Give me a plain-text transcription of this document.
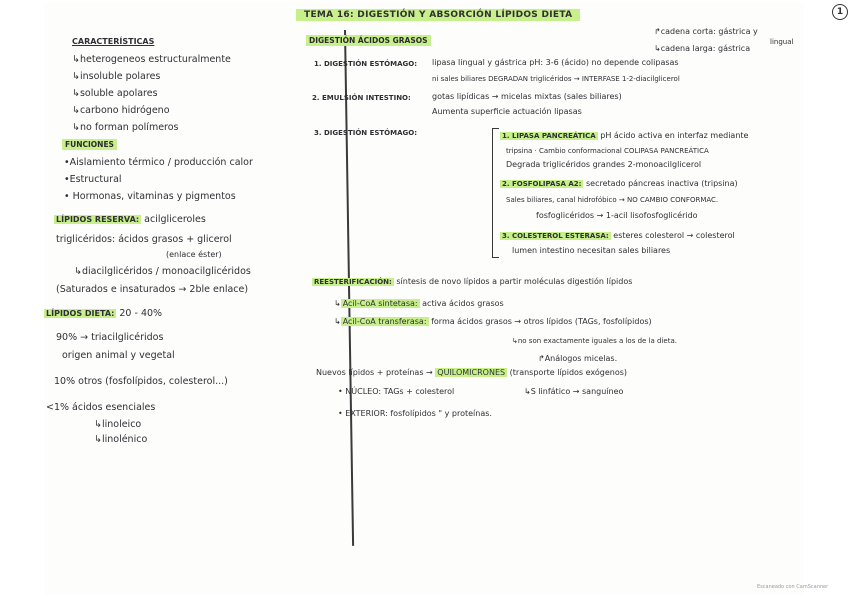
TEMA 16: DIGESTIÓN Y ABSORCIÓN LÍPIDOS DIETA	1
CARACTERÍSTICAS
↳heterogeneos estructuralmente
↳insoluble polares
↳soluble apolares
↳carbono hidrógeno
↳no forman polímeros
FUNCIONES
•Aislamiento térmico / producción calor
•Estructural
• Hormonas, vitaminas y pigmentos
LÍPIDOS RESERVA: acilgliceroles
triglicéridos: ácidos grasos + glicerol
(enlace éster)
↳diacilglicéridos / monoacilglicéridos
(Saturados e insaturados → 2ble enlace)
LÍPIDOS DIETA: 20 - 40%
90% → triacilglicéridos
origen animal y vegetal
10% otros (fosfolípidos, colesterol...)
<1% ácidos esenciales
↳linoleico
↳linolénico
DIGESTIÓN ÁCIDOS GRASOS
↱cadena corta: gástrica y
lingual
↳cadena larga: gástrica
1. DIGESTIÓN ESTÓMAGO: lipasa lingual y gástrica pH: 3-6 (ácido) no depende colipasas
ni sales biliares DEGRADAN triglicéridos → INTERFASE 1-2-diacilglicerol
2. EMULSIÓN INTESTINO:	gotas lipídicas → micelas mixtas (sales biliares)
Aumenta superficie actuación lipasas
3. DIGESTIÓN ESTÓMAGO:	1. LIPASA PANCREÁTICA pH ácido activa en interfaz mediante
tripsina · Cambio conformacional COLIPASA PANCREÁTICA
Degrada triglicéridos grandes 2-monoacilglicerol
2. FOSFOLIPASA A2: secretado páncreas inactiva (tripsina)
Sales biliares, canal hidrofóbico → NO CAMBIO CONFORMAC.
fosfoglicéridos → 1-acil lisofosfoglicérido
3. COLESTEROL ESTERASA: esteres colesterol → colesterol
lumen intestino necesitan sales biliares
REESTERIFICACIÓN: síntesis de novo lípidos a partir moléculas digestión lípidos
↳ Acil-CoA sintetasa: activa ácidos grasos
↳ Acil-CoA transferasa: forma ácidos grasos → otros lípidos (TAGs, fosfolípidos)
↳no son exactamente iguales a los de la dieta.
↱Análogos micelas.
Nuevos lípidos + proteínas → QUILOMICRONES (transporte lípidos exógenos)
• NÚCLEO: TAGs + colesterol	↳S linfático → sanguíneo
• EXTERIOR: fosfolípidos " y proteínas.
Escaneado con CamScanner
